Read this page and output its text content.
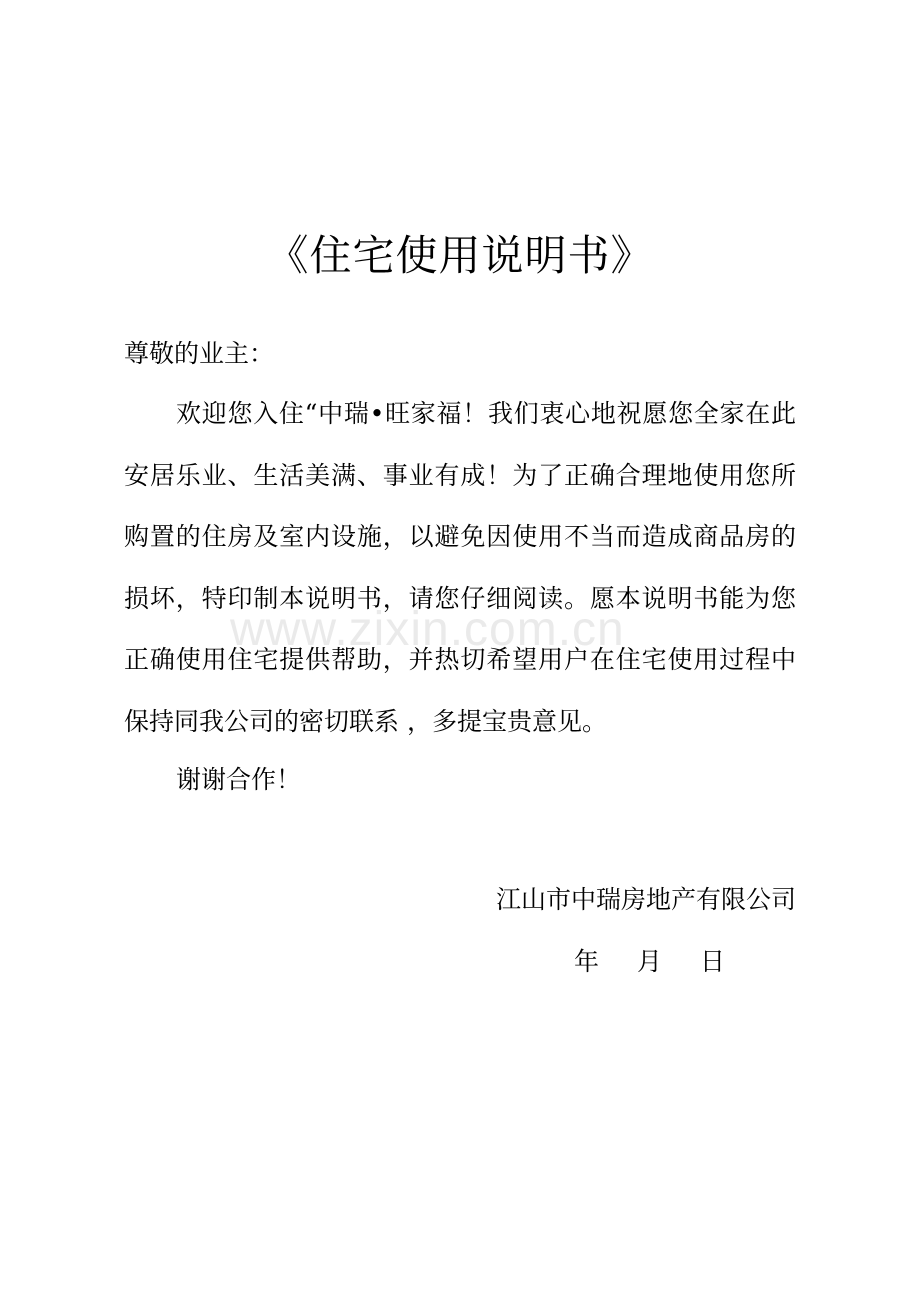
www.zixin.com.cn
《住宅使用说明书》
尊敬的业主：
欢迎您入住“中瑞•旺家福！我们衷心地祝愿您全家在此安居乐业、生活美满、事业有成！为了正确合理地使用您所购置的住房及室内设施，以避免因使用不当而造成商品房的损坏，特印制本说明书，请您仔细阅读。愿本说明书能为您正确使用住宅提供帮助，并热切希望用户在住宅使用过程中保持同我公司的密切联系 ，多提宝贵意见。
谢谢合作！
江山市中瑞房地产有限公司
年 月 日
